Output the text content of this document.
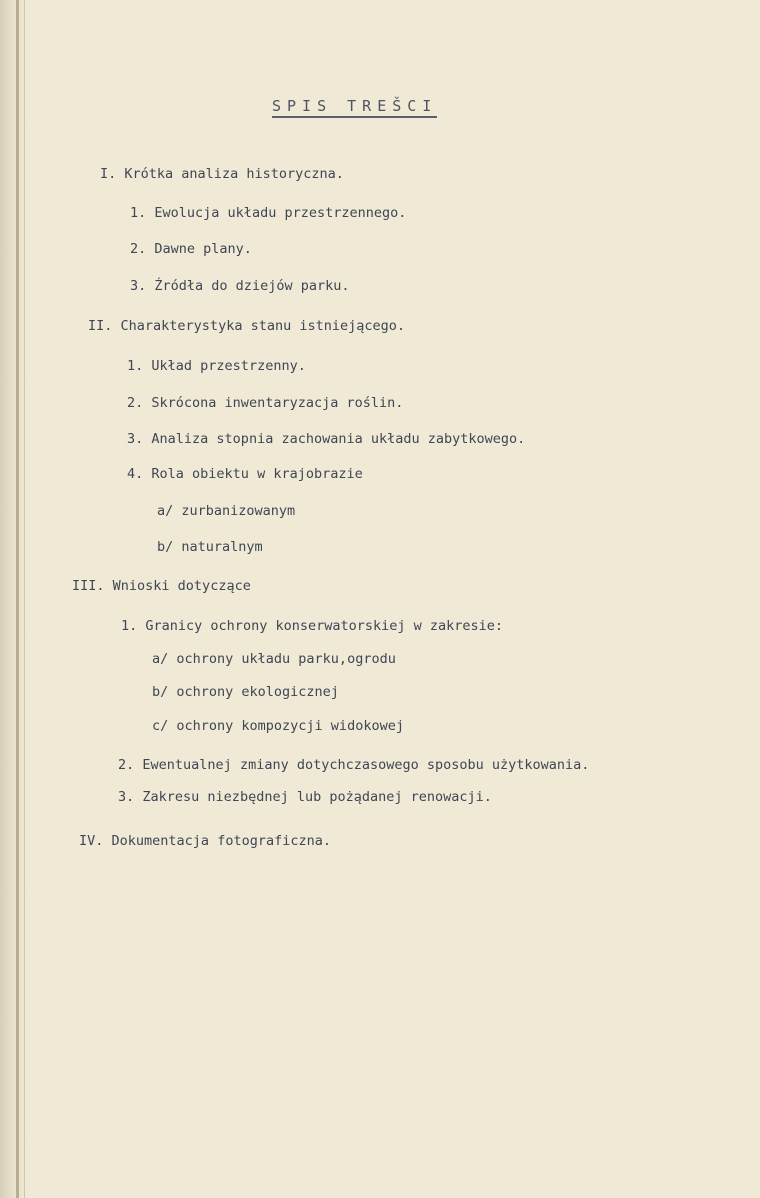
SPIS TREŠCI
I. Krótka analiza historyczna.
1. Ewolucja układu przestrzennego.
2. Dawne plany.
3. Źródła do dziejów parku.
II. Charakterystyka stanu istniejącego.
1. Układ przestrzenny.
2. Skrócona inwentaryzacja roślin.
3. Analiza stopnia zachowania układu zabytkowego.
4. Rola obiektu w krajobrazie
a/ zurbanizowanym
b/ naturalnym
III. Wnioski dotyczące
1. Granicy ochrony konserwatorskiej w zakresie:
a/ ochrony układu parku,ogrodu
b/ ochrony ekologicznej
c/ ochrony kompozycji widokowej
2. Ewentualnej zmiany dotychczasowego sposobu użytkowania.
3. Zakresu niezbędnej lub pożądanej renowacji.
IV. Dokumentacja fotograficzna.
